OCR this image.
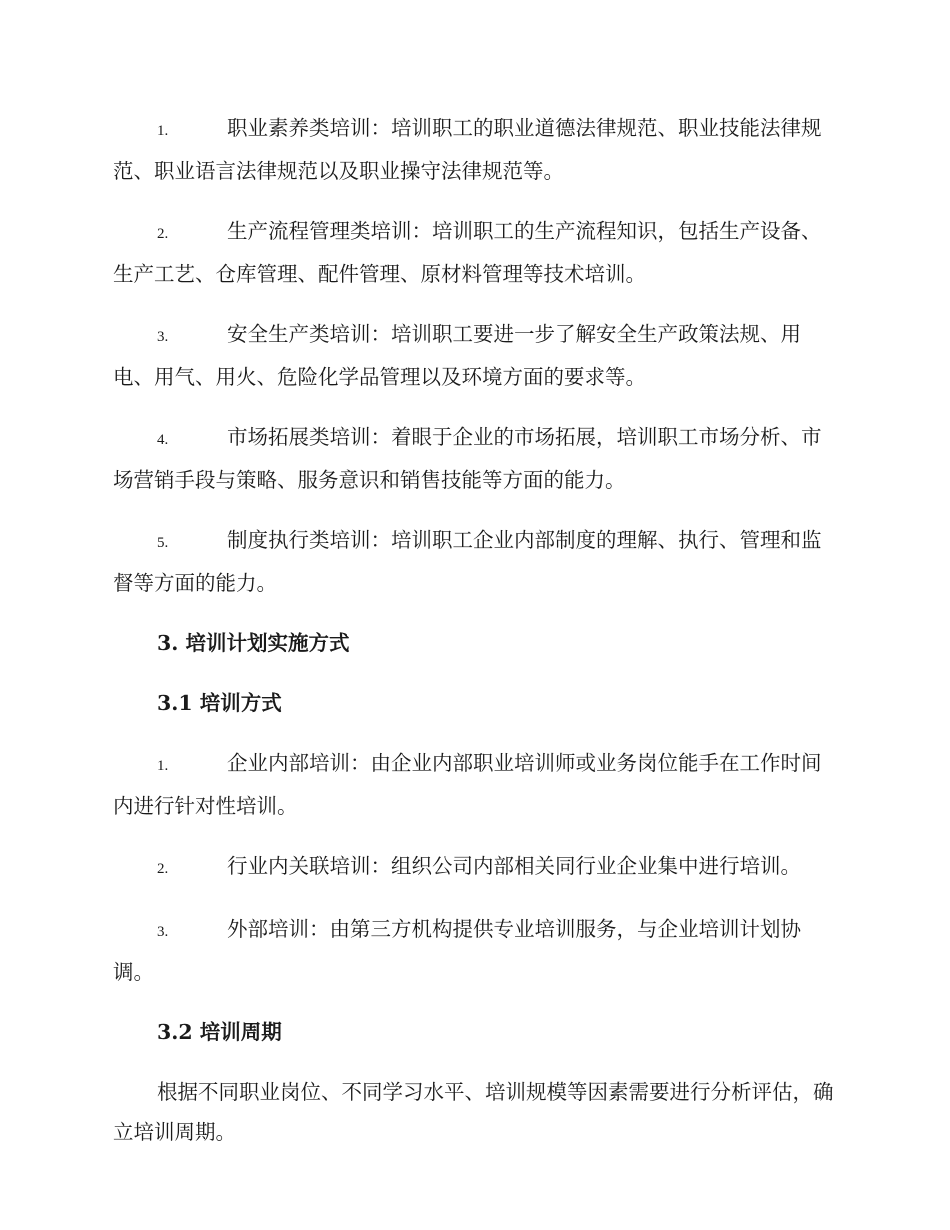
1.	职业素养类培训：培训职工的职业道德法律规范、职业技能法律规范、职业语言法律规范以及职业操守法律规范等。
2.	生产流程管理类培训：培训职工的生产流程知识，包括生产设备、生产工艺、仓库管理、配件管理、原材料管理等技术培训。
3.	安全生产类培训：培训职工要进一步了解安全生产政策法规、用电、用气、用火、危险化学品管理以及环境方面的要求等。
4.	市场拓展类培训：着眼于企业的市场拓展，培训职工市场分析、市场营销手段与策略、服务意识和销售技能等方面的能力。
5.	制度执行类培训：培训职工企业内部制度的理解、执行、管理和监督等方面的能力。
3. 培训计划实施方式
3.1 培训方式
1.	企业内部培训：由企业内部职业培训师或业务岗位能手在工作时间内进行针对性培训。
2.	行业内关联培训：组织公司内部相关同行业企业集中进行培训。
3.	外部培训：由第三方机构提供专业培训服务，与企业培训计划协调。
3.2 培训周期
根据不同职业岗位、不同学习水平、培训规模等因素需要进行分析评估，确立培训周期。
